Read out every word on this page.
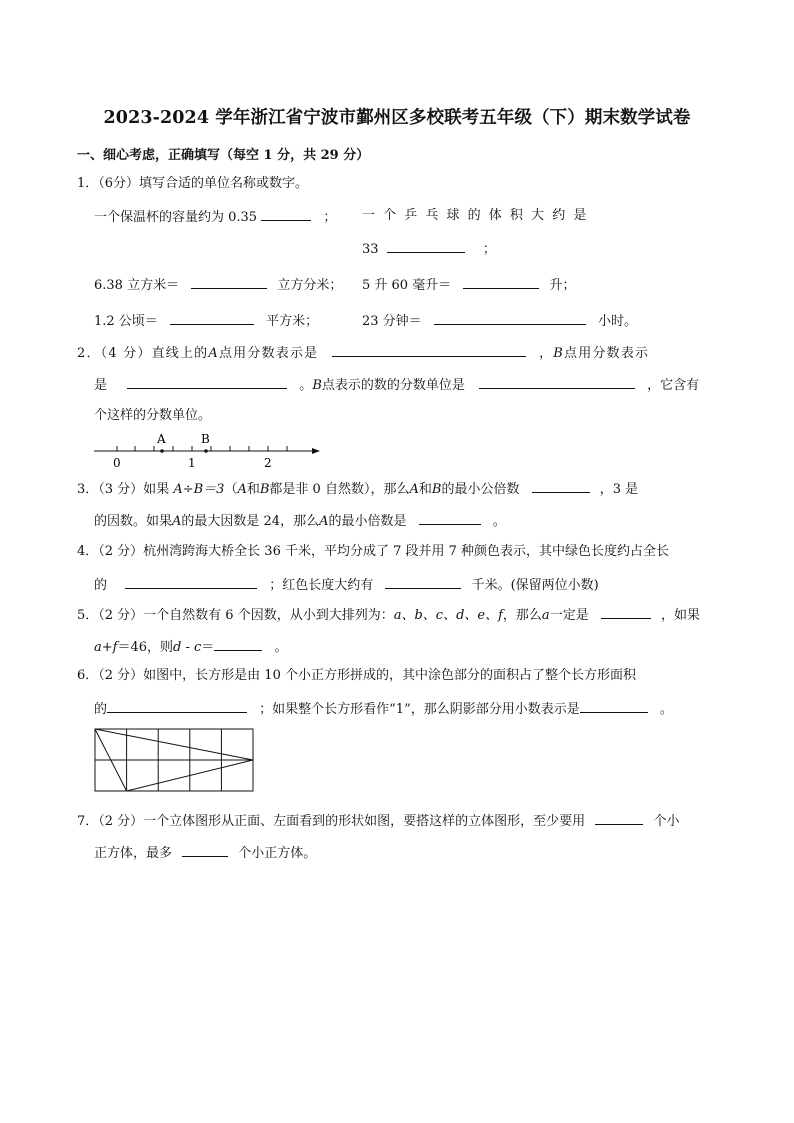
2023-2024 学年浙江省宁波市鄞州区多校联考五年级（下）期末数学试卷
一、细心考虑，正确填写（每空 1 分，共 29 分）
1．（6分）填写合适的单位名称或数字。
一个保温杯的容量约为 0.35	； 一 个 乒 乓 球 的 体 积 大 约 是
33	；
6.38 立方米＝	立方分米； 5 升 60 毫升＝	升；
1.2 公顷＝	平方米；	23 分钟＝	小时。
2．（4 分）直线上的A点用分数表示是	，B点用分数表示
是	。B点表示的数的分数单位是	，它含有
个这样的分数单位。
A	B
0	1	2
3．（3 分）如果 A÷B＝3（A和B都是非 0 自然数），那么A和B的最小公倍数	，3 是
的因数。如果A的最大因数是 24，那么A的最小倍数是	。
4．（2 分）杭州湾跨海大桥全长 36 千米，平均分成了 7 段并用 7 种颜色表示，其中绿色长度约占全长
的	；红色长度大约有	千米。(保留两位小数)
5．（2 分）一个自然数有 6 个因数，从小到大排列为：a、b、c、d、e、f，那么a一定是	，如果
a+f＝46，则d - c＝	。
6．（2 分）如图中，长方形是由 10 个小正方形拼成的，其中涂色部分的面积占了整个长方形面积
的	；如果整个长方形看作“1”，那么阴影部分用小数表示是	。
7．（2 分）一个立体图形从正面、左面看到的形状如图，要搭这样的立体图形，至少要用	个小
正方体，最多	个小正方体。
